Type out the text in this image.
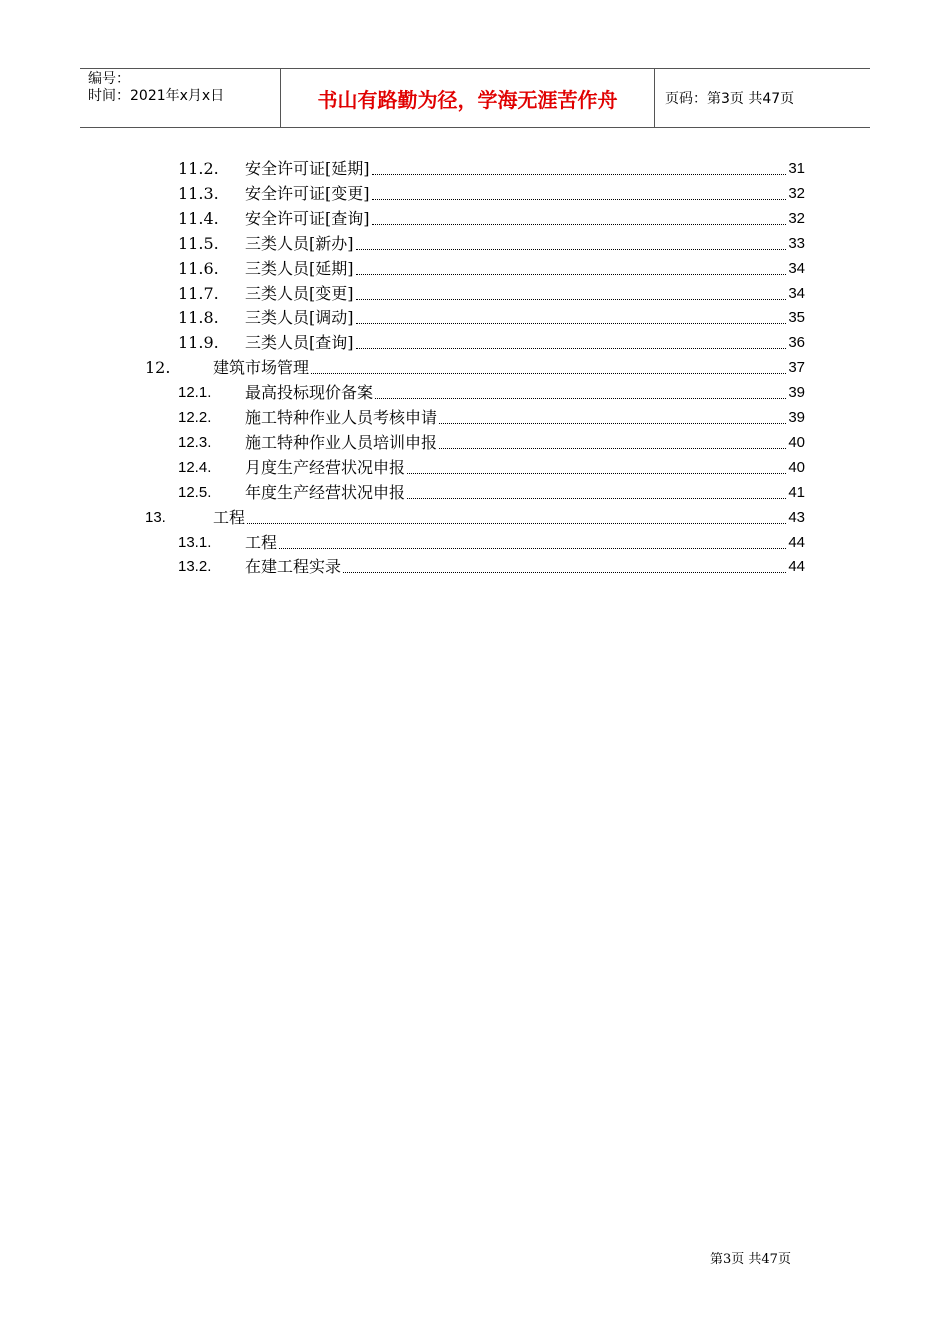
编号：
时间：2021年x月x日	书山有路勤为径，学海无涯苦作舟	页码：第3页 共47页
11.2.	安全许可证[延期]	31
11.3.	安全许可证[变更]	32
11.4.	安全许可证[查询]	32
11.5.	三类人员[新办]	33
11.6.	三类人员[延期]	34
11.7.	三类人员[变更]	34
11.8.	三类人员[调动]	35
11.9.	三类人员[查询]	36
12.	建筑市场管理	37
12.1.	最高投标现价备案	39
12.2.	施工特种作业人员考核申请	39
12.3.	施工特种作业人员培训申报	40
12.4.	月度生产经营状况申报	40
12.5.	年度生产经营状况申报	41
13.	工程	43
13.1.	工程	44
13.2.	在建工程实录	44
第3页 共47页
